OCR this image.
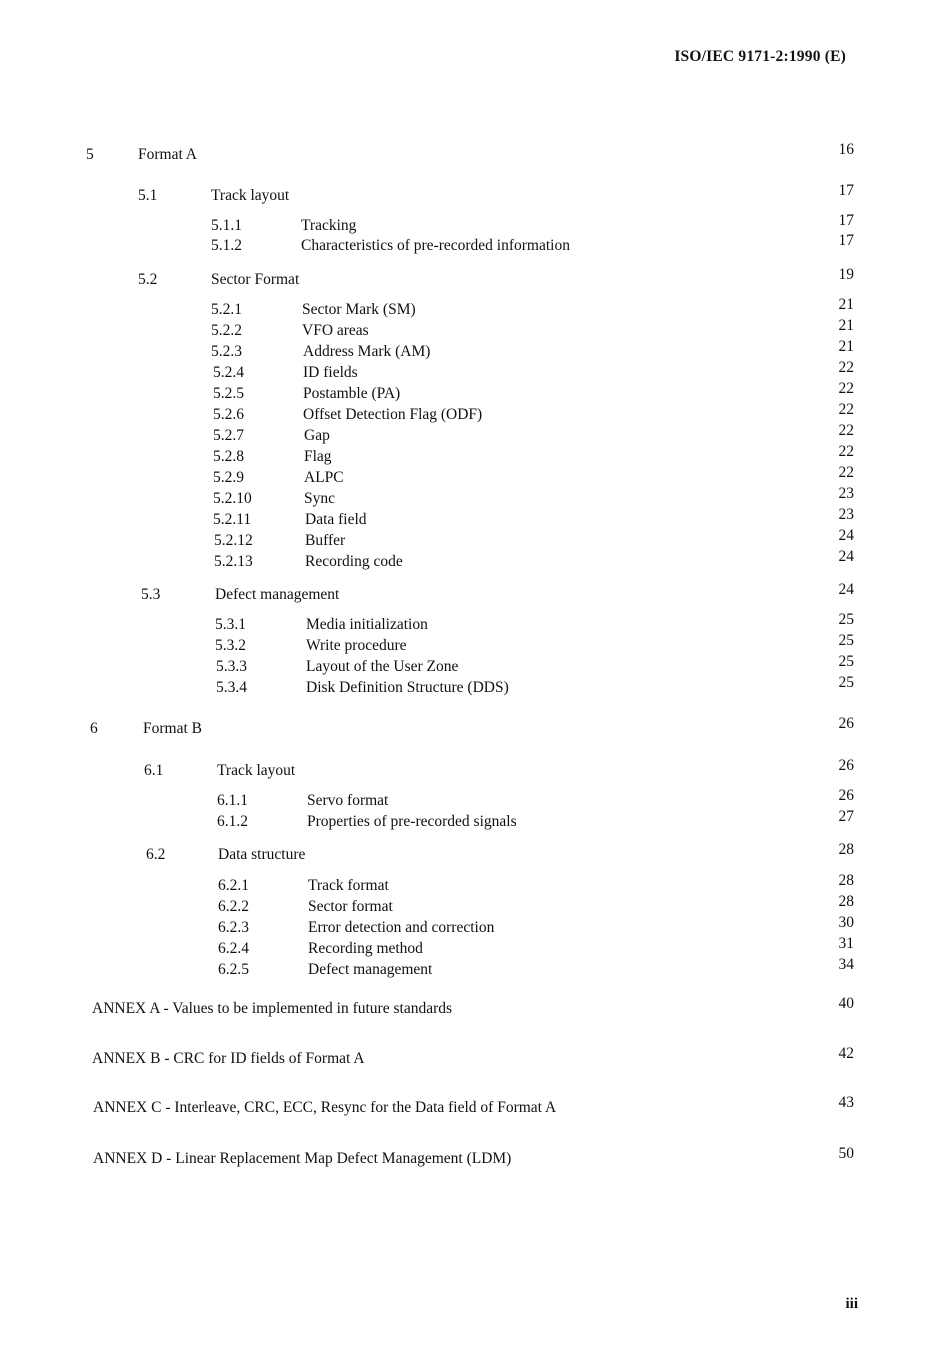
ISO/IEC 9171-2:1990 (E)
5	Format A	16
5.1	Track layout	17
5.1.1	Tracking	17
5.1.2	Characteristics of pre-recorded information	17
5.2	Sector Format	19
5.2.1	Sector Mark (SM)	21
5.2.2	VFO areas	21
5.2.3	Address Mark (AM)	21
5.2.4	ID fields	22
5.2.5	Postamble (PA)	22
5.2.6	Offset Detection Flag (ODF)	22
5.2.7	Gap	22
5.2.8	Flag	22
5.2.9	ALPC	22
5.2.10	Sync	23
5.2.11	Data field	23
5.2.12	Buffer	24
5.2.13	Recording code	24
5.3	Defect management	24
5.3.1	Media initialization	25
5.3.2	Write procedure	25
5.3.3	Layout of the User Zone	25
5.3.4	Disk Definition Structure (DDS)	25
6	Format B	26
6.1	Track layout	26
6.1.1	Servo format	26
6.1.2	Properties of pre-recorded signals	27
6.2	Data structure	28
6.2.1	Track format	28
6.2.2	Sector format	28
6.2.3	Error detection and correction	30
6.2.4	Recording method	31
6.2.5	Defect management	34
ANNEX A - Values to be implemented in future standards	40
ANNEX B - CRC for ID fields of Format A	42
ANNEX C - Interleave, CRC, ECC, Resync for the Data field of Format A	43
ANNEX D - Linear Replacement Map Defect Management (LDM)	50
iii
